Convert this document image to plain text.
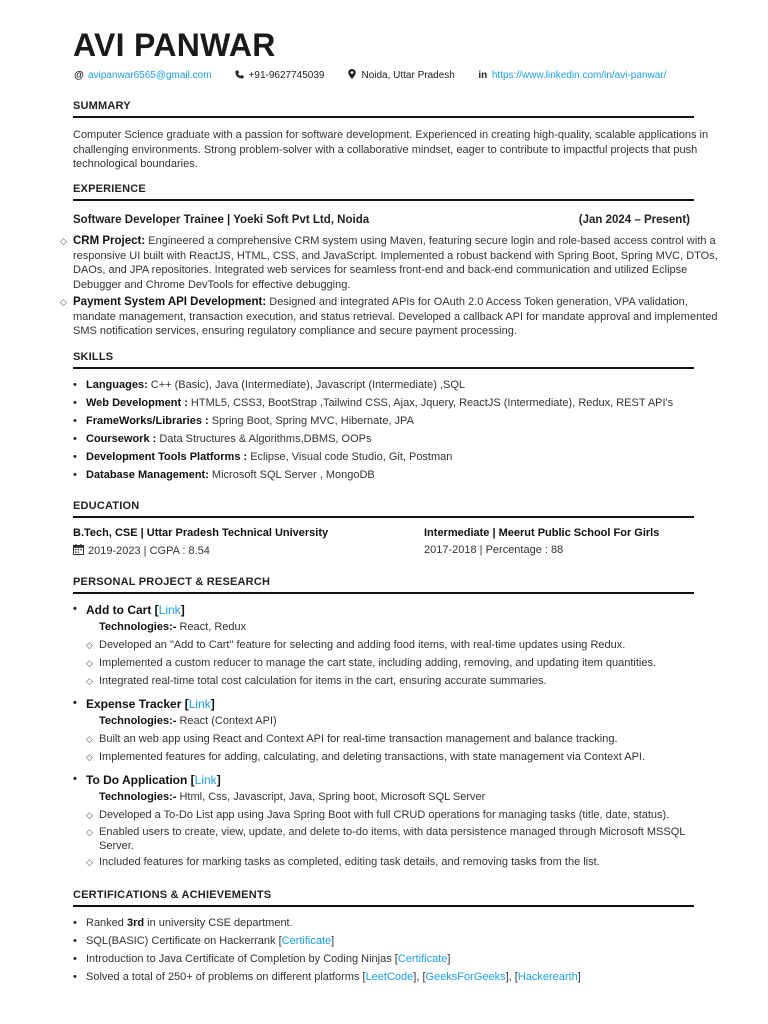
AVI PANWAR
@ avipanwar6565@gmail.com	+91-9627745039	Noida, Uttar Pradesh in https://www.linkedin.com/in/avi-panwar/
SUMMARY
Computer Science graduate with a passion for software development. Experienced in creating high-quality, scalable applications in challenging environments. Strong problem-solver with a collaborative mindset, eager to contribute to impactful projects that push technological boundaries.
EXPERIENCE
Software Developer Trainee | Yoeki Soft Pvt Ltd, Noida	(Jan 2024 – Present)
◇ CRM Project: Engineered a comprehensive CRM system using Maven, featuring secure login and role-based access control with a responsive UI built with ReactJS, HTML, CSS, and JavaScript. Implemented a robust backend with Spring Boot, Spring MVC, DTOs, DAOs, and JPA repositories. Integrated web services for seamless front-end and back-end communication and utilized Eclipse Debugger and Chrome DevTools for effective debugging.
◇ Payment System API Development: Designed and integrated APIs for OAuth 2.0 Access Token generation, VPA validation, mandate management, transaction execution, and status retrieval. Developed a callback API for mandate approval and implemented SMS notification services, ensuring regulatory compliance and secure payment processing.
SKILLS
• Languages: C++ (Basic), Java (Intermediate), Javascript (Intermediate) ,SQL
• Web Development : HTML5, CSS3, BootStrap ,Tailwind CSS, Ajax, Jquery, ReactJS (Intermediate), Redux, REST API's
• FrameWorks/Libraries : Spring Boot, Spring MVC, Hibernate, JPA
• Coursework : Data Structures & Algorithms,DBMS, OOPs
• Development Tools Platforms : Eclipse, Visual code Studio, Git, Postman
• Database Management: Microsoft SQL Server , MongoDB
EDUCATION
B.Tech, CSE | Uttar Pradesh Technical University
2019-2023 | CGPA : 8.54
Intermediate | Meerut Public School For Girls
2017-2018 | Percentage : 88
PERSONAL PROJECT & RESEARCH
• Add to Cart [Link]
Technologies:- React, Redux
◇ Developed an "Add to Cart" feature for selecting and adding food items, with real-time updates using Redux.
◇ Implemented a custom reducer to manage the cart state, including adding, removing, and updating item quantities.
◇ Integrated real-time total cost calculation for items in the cart, ensuring accurate summaries.
• Expense Tracker [Link]
Technologies:- React (Context API)
◇ Built an web app using React and Context API for real-time transaction management and balance tracking.
◇ Implemented features for adding, calculating, and deleting transactions, with state management via Context API.
• To Do Application [Link]
Technologies:- Html, Css, Javascript, Java, Spring boot, Microsoft SQL Server
◇ Developed a To-Do List app using Java Spring Boot with full CRUD operations for managing tasks (title, date, status).
◇ Enabled users to create, view, update, and delete to-do items, with data persistence managed through Microsoft MSSQL Server.
◇ Included features for marking tasks as completed, editing task details, and removing tasks from the list.
CERTIFICATIONS & ACHIEVEMENTS
• Ranked 3rd in university CSE department.
• SQL(BASIC) Certificate on Hackerrank [Certificate]
• Introduction to Java Certificate of Completion by Coding Ninjas [Certificate]
• Solved a total of 250+ of problems on different platforms [LeetCode], [GeeksForGeeks], [Hackerearth]
